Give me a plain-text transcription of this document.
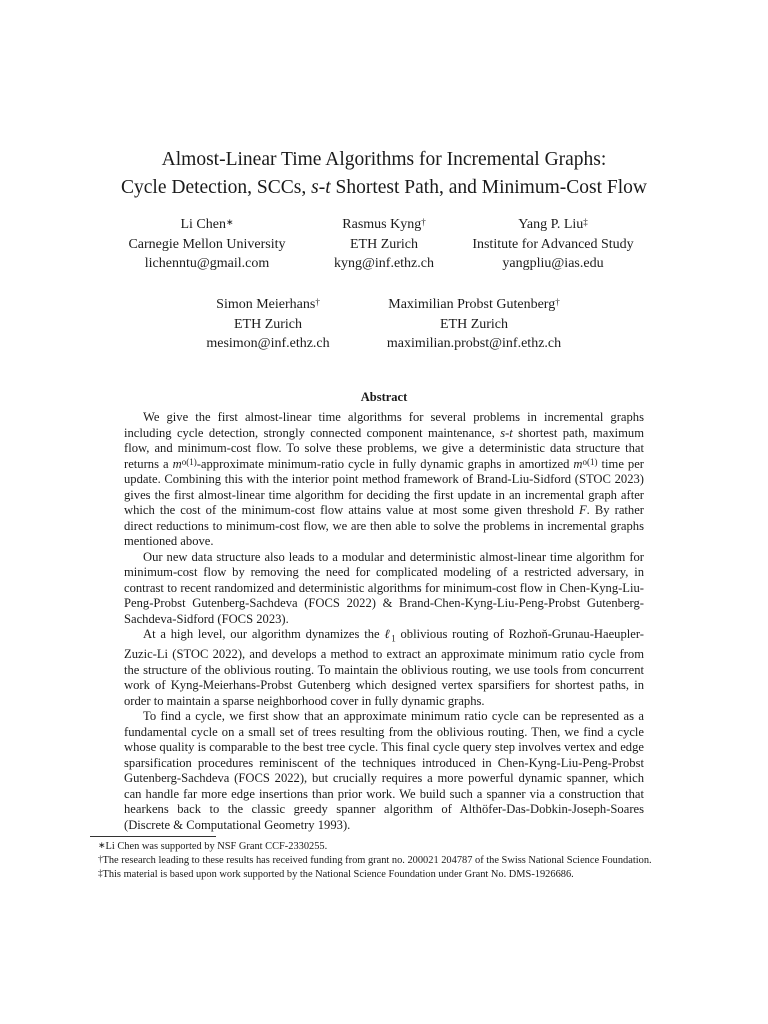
Almost-Linear Time Algorithms for Incremental Graphs:
Cycle Detection, SCCs, s-t Shortest Path, and Minimum-Cost Flow
Li Chen∗
Carnegie Mellon University
lichenntu@gmail.com
Rasmus Kyng†
ETH Zurich
kyng@inf.ethz.ch
Yang P. Liu‡
Institute for Advanced Study
yangpliu@ias.edu
Simon Meierhans†
ETH Zurich
mesimon@inf.ethz.ch
Maximilian Probst Gutenberg†
ETH Zurich
maximilian.probst@inf.ethz.ch
Abstract

We give the first almost-linear time algorithms for several problems in incremental graphs including cycle detection, strongly connected component maintenance, s-t shortest path, maximum flow, and minimum-cost flow. To solve these problems, we give a deterministic data structure that returns a $m^{o(1)}$-approximate minimum-ratio cycle in fully dynamic graphs in amortized $m^{o(1)}$ time per update. Combining this with the interior point method framework of Brand-Liu-Sidford (STOC 2023) gives the first almost-linear time algorithm for deciding the first update in an incremental graph after which the cost of the minimum-cost flow attains value at most some given threshold F. By rather direct reductions to minimum-cost flow, we are then able to solve the problems in incremental graphs mentioned above.

Our new data structure also leads to a modular and deterministic almost-linear time algorithm for minimum-cost flow by removing the need for complicated modeling of a restricted adversary, in contrast to recent randomized and deterministic algorithms for minimum-cost flow in Chen-Kyng-Liu-Peng-Probst Gutenberg-Sachdeva (FOCS 2022) & Brand-Chen-Kyng-Liu-Peng-Probst Gutenberg-Sachdeva-Sidford (FOCS 2023).

At a high level, our algorithm dynamizes the ℓ$_1$ oblivious routing of Rozhoň-Grunau-Haeupler-Zuzic-Li (STOC 2022), and develops a method to extract an approximate minimum ratio cycle from the structure of the oblivious routing. To maintain the oblivious routing, we use tools from concurrent work of Kyng-Meierhans-Probst Gutenberg which designed vertex sparsifiers for shortest paths, in order to maintain a sparse neighborhood cover in fully dynamic graphs.

To find a cycle, we first show that an approximate minimum ratio cycle can be represented as a fundamental cycle on a small set of trees resulting from the oblivious routing. Then, we find a cycle whose quality is comparable to the best tree cycle. This final cycle query step involves vertex and edge sparsification procedures reminiscent of the techniques introduced in Chen-Kyng-Liu-Peng-Probst Gutenberg-Sachdeva (FOCS 2022), but crucially requires a more powerful dynamic spanner, which can handle far more edge insertions than prior work. We build such a spanner via a construction that hearkens back to the classic greedy spanner algorithm of Althöfer-Das-Dobkin-Joseph-Soares (Discrete & Computational Geometry 1993).

∗Li Chen was supported by NSF Grant CCF-2330255.

†The research leading to these results has received funding from grant no. 200021 204787 of the Swiss National Science Foundation.

‡This material is based upon work supported by the National Science Foundation under Grant No. DMS-1926686.
